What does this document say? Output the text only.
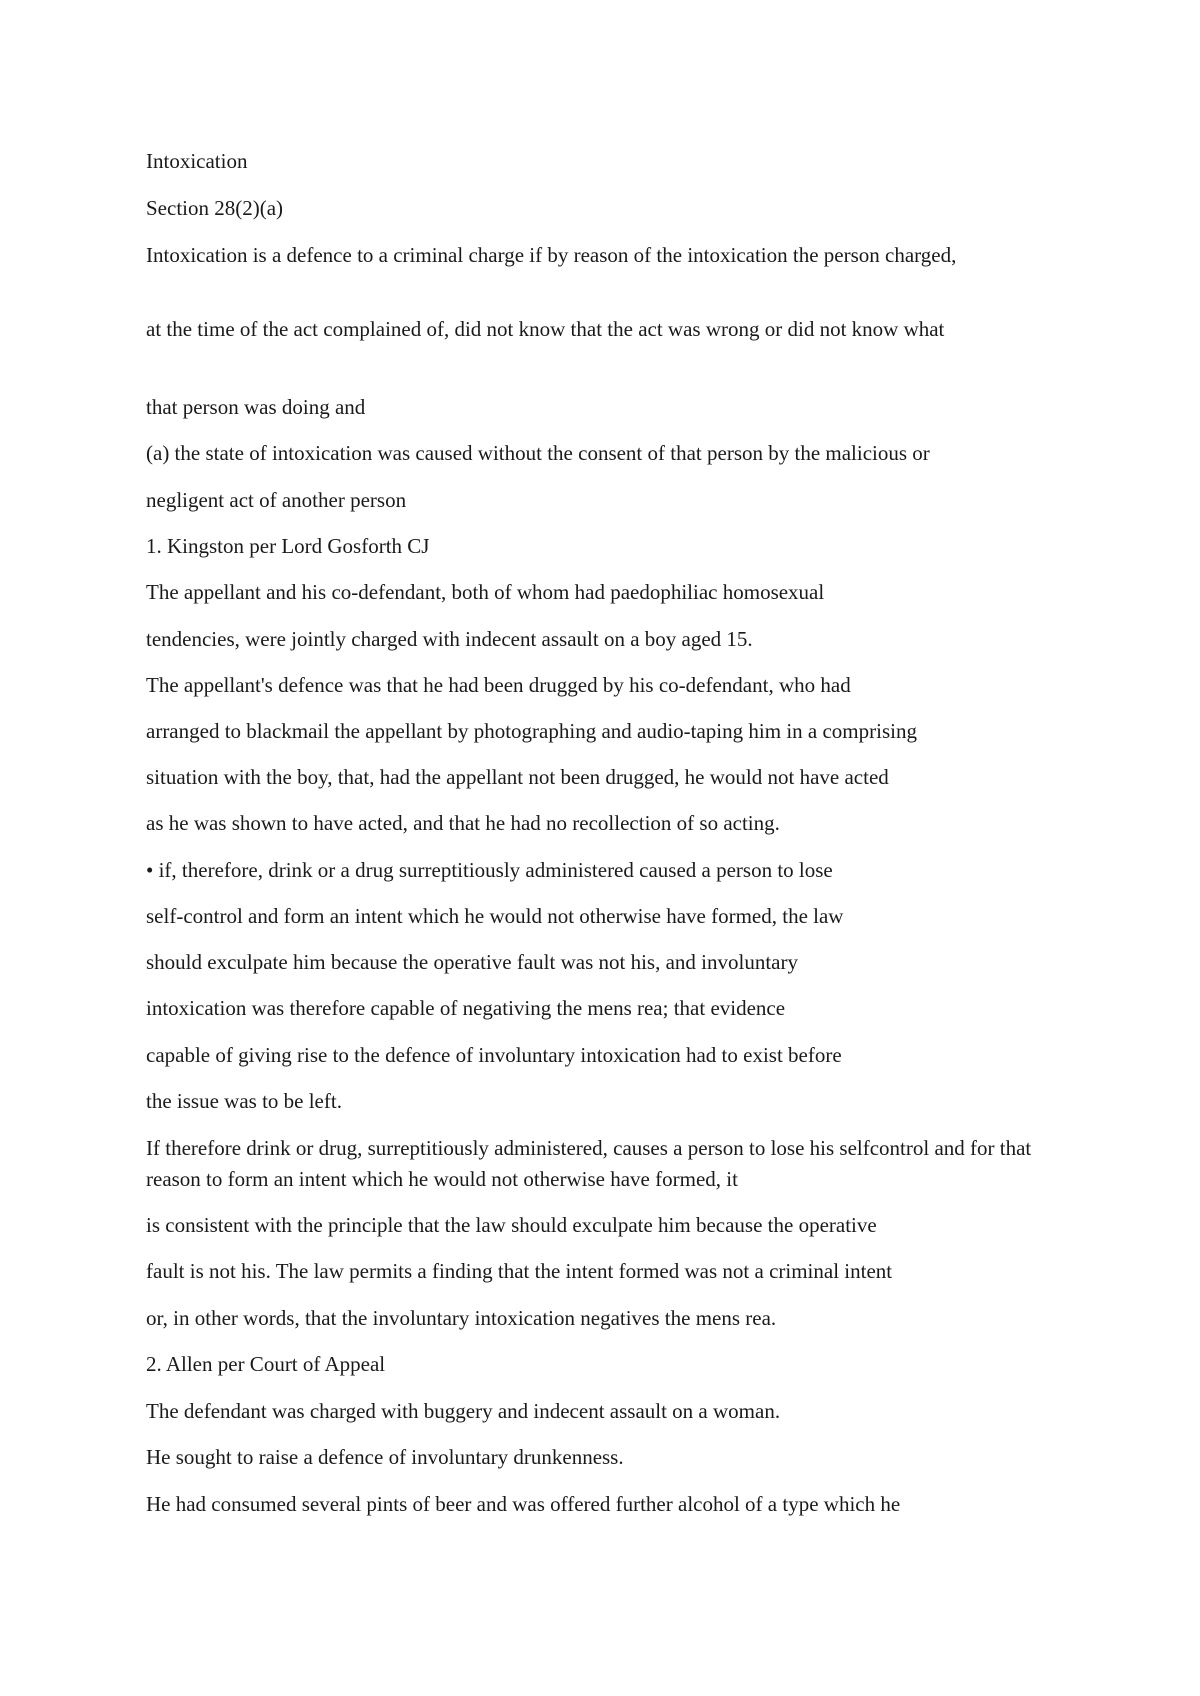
Intoxication

Section 28(2)(a)

Intoxication is a defence to a criminal charge if by reason of the intoxication the person charged,

at the time of the act complained of, did not know that the act was wrong or did not know what

that person was doing and

(a) the state of intoxication was caused without the consent of that person by the malicious or

negligent act of another person

1. Kingston per Lord Gosforth CJ

The appellant and his co-defendant, both of whom had paedophiliac homosexual

tendencies, were jointly charged with indecent assault on a boy aged 15.

The appellant's defence was that he had been drugged by his co-defendant, who had

arranged to blackmail the appellant by photographing and audio-taping him in a comprising

situation with the boy, that, had the appellant not been drugged, he would not have acted

as he was shown to have acted, and that he had no recollection of so acting.

• if, therefore, drink or a drug surreptitiously administered caused a person to lose

self-control and form an intent which he would not otherwise have formed, the law

should exculpate him because the operative fault was not his, and involuntary

intoxication was therefore capable of negativing the mens rea; that evidence

capable of giving rise to the defence of involuntary intoxication had to exist before

the issue was to be left.

If therefore drink or drug, surreptitiously administered, causes a person to lose his selfcontrol and for that reason to form an intent which he would not otherwise have formed, it

is consistent with the principle that the law should exculpate him because the operative

fault is not his. The law permits a finding that the intent formed was not a criminal intent

or, in other words, that the involuntary intoxication negatives the mens rea.

2. Allen per Court of Appeal

The defendant was charged with buggery and indecent assault on a woman.

He sought to raise a defence of involuntary drunkenness.

He had consumed several pints of beer and was offered further alcohol of a type which he
